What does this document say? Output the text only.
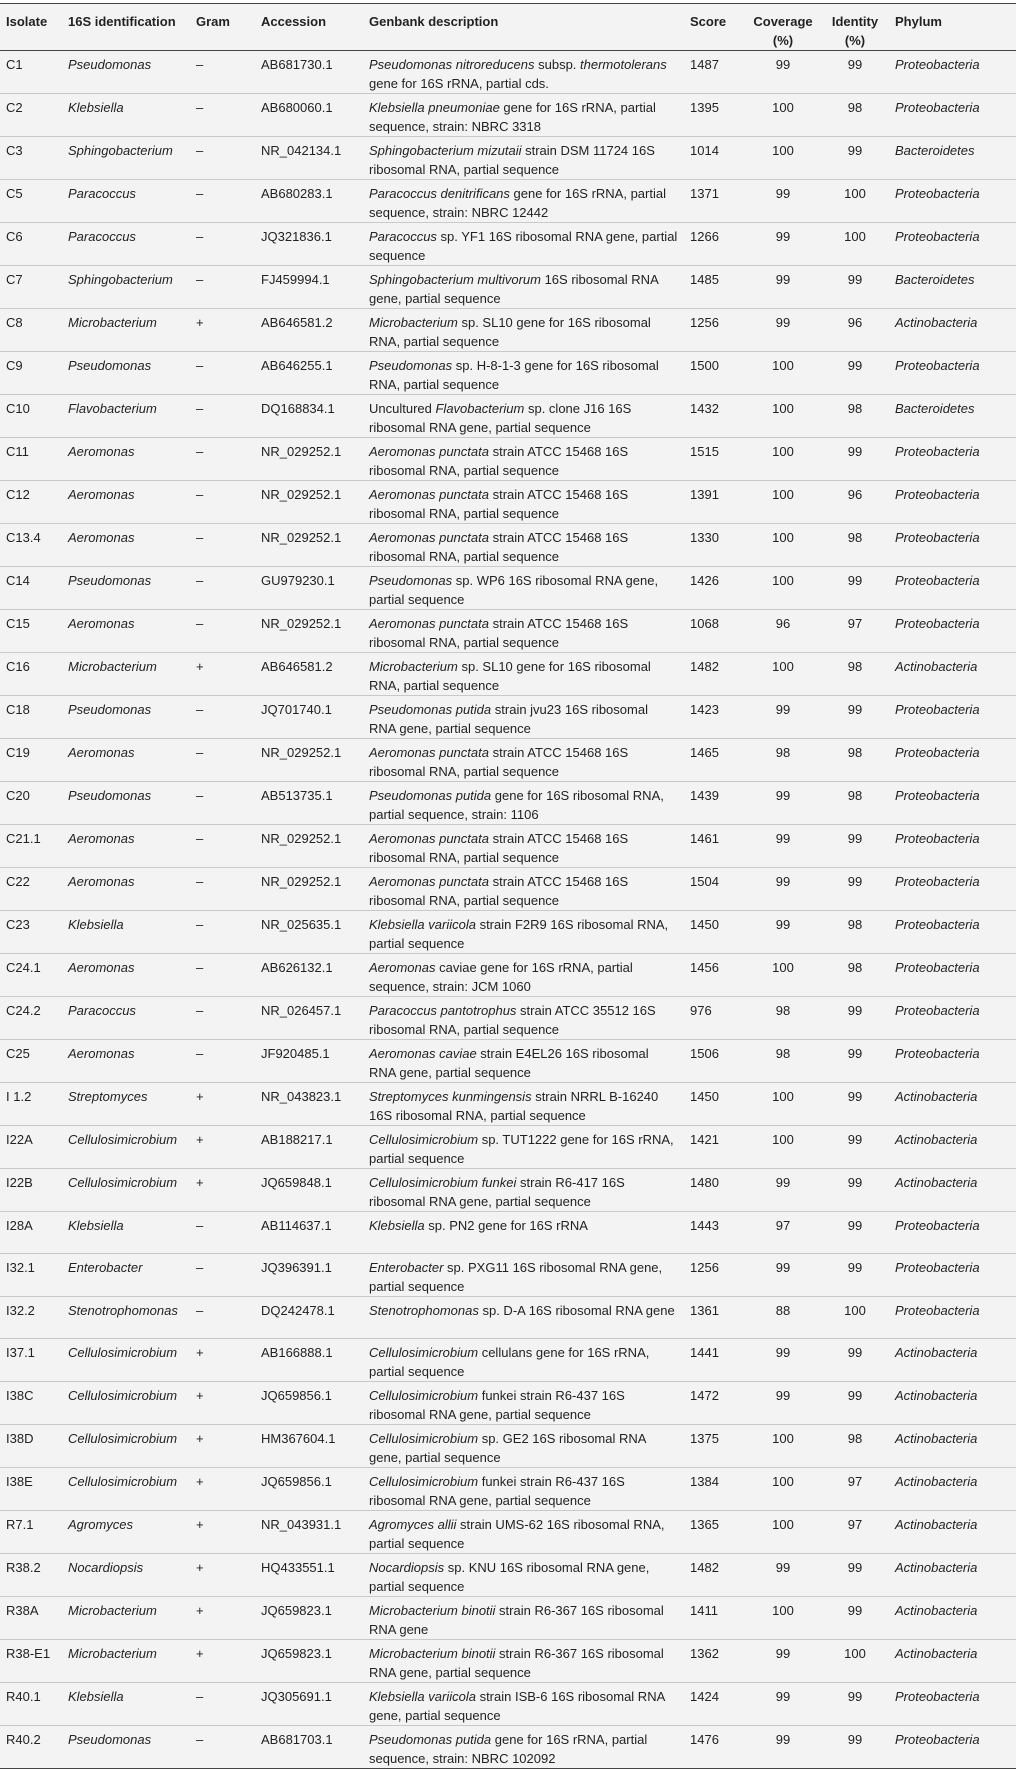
Isolate	16S identification	Gram	Accession	Genbank description	Score	Coverage (%)	Identity (%)	Phylum
C1	Pseudomonas	–	AB681730.1	Pseudomonas nitroreducens subsp. thermotolerans gene for 16S rRNA, partial cds.	1487	99	99	Proteobacteria
C2	Klebsiella	–	AB680060.1	Klebsiella pneumoniae gene for 16S rRNA, partial sequence, strain: NBRC 3318	1395	100	98	Proteobacteria
C3	Sphingobacterium	–	NR_042134.1	Sphingobacterium mizutaii strain DSM 11724 16S ribosomal RNA, partial sequence	1014	100	99	Bacteroidetes
C5	Paracoccus	–	AB680283.1	Paracoccus denitrificans gene for 16S rRNA, partial sequence, strain: NBRC 12442	1371	99	100	Proteobacteria
C6	Paracoccus	–	JQ321836.1	Paracoccus sp. YF1 16S ribosomal RNA gene, partial sequence	1266	99	100	Proteobacteria
C7	Sphingobacterium	–	FJ459994.1	Sphingobacterium multivorum 16S ribosomal RNA gene, partial sequence	1485	99	99	Bacteroidetes
C8	Microbacterium	+	AB646581.2	Microbacterium sp. SL10 gene for 16S ribosomal RNA, partial sequence	1256	99	96	Actinobacteria
C9	Pseudomonas	–	AB646255.1	Pseudomonas sp. H-8-1-3 gene for 16S ribosomal RNA, partial sequence	1500	100	99	Proteobacteria
C10	Flavobacterium	–	DQ168834.1	Uncultured Flavobacterium sp. clone J16 16S ribosomal RNA gene, partial sequence	1432	100	98	Bacteroidetes
C11	Aeromonas	–	NR_029252.1	Aeromonas punctata strain ATCC 15468 16S ribosomal RNA, partial sequence	1515	100	99	Proteobacteria
C12	Aeromonas	–	NR_029252.1	Aeromonas punctata strain ATCC 15468 16S ribosomal RNA, partial sequence	1391	100	96	Proteobacteria
C13.4	Aeromonas	–	NR_029252.1	Aeromonas punctata strain ATCC 15468 16S ribosomal RNA, partial sequence	1330	100	98	Proteobacteria
C14	Pseudomonas	–	GU979230.1	Pseudomonas sp. WP6 16S ribosomal RNA gene, partial sequence	1426	100	99	Proteobacteria
C15	Aeromonas	–	NR_029252.1	Aeromonas punctata strain ATCC 15468 16S ribosomal RNA, partial sequence	1068	96	97	Proteobacteria
C16	Microbacterium	+	AB646581.2	Microbacterium sp. SL10 gene for 16S ribosomal RNA, partial sequence	1482	100	98	Actinobacteria
C18	Pseudomonas	–	JQ701740.1	Pseudomonas putida strain jvu23 16S ribosomal RNA gene, partial sequence	1423	99	99	Proteobacteria
C19	Aeromonas	–	NR_029252.1	Aeromonas punctata strain ATCC 15468 16S ribosomal RNA, partial sequence	1465	98	98	Proteobacteria
C20	Pseudomonas	–	AB513735.1	Pseudomonas putida gene for 16S ribosomal RNA, partial sequence, strain: 1106	1439	99	98	Proteobacteria
C21.1	Aeromonas	–	NR_029252.1	Aeromonas punctata strain ATCC 15468 16S ribosomal RNA, partial sequence	1461	99	99	Proteobacteria
C22	Aeromonas	–	NR_029252.1	Aeromonas punctata strain ATCC 15468 16S ribosomal RNA, partial sequence	1504	99	99	Proteobacteria
C23	Klebsiella	–	NR_025635.1	Klebsiella variicola strain F2R9 16S ribosomal RNA, partial sequence	1450	99	98	Proteobacteria
C24.1	Aeromonas	–	AB626132.1	Aeromonas caviae gene for 16S rRNA, partial sequence, strain: JCM 1060	1456	100	98	Proteobacteria
C24.2	Paracoccus	–	NR_026457.1	Paracoccus pantotrophus strain ATCC 35512 16S ribosomal RNA, partial sequence	976	98	99	Proteobacteria
C25	Aeromonas	–	JF920485.1	Aeromonas caviae strain E4EL26 16S ribosomal RNA gene, partial sequence	1506	98	99	Proteobacteria
I 1.2	Streptomyces	+	NR_043823.1	Streptomyces kunmingensis strain NRRL B-16240 16S ribosomal RNA, partial sequence	1450	100	99	Actinobacteria
I22A	Cellulosimicrobium	+	AB188217.1	Cellulosimicrobium sp. TUT1222 gene for 16S rRNA, partial sequence	1421	100	99	Actinobacteria
I22B	Cellulosimicrobium	+	JQ659848.1	Cellulosimicrobium funkei strain R6-417 16S ribosomal RNA gene, partial sequence	1480	99	99	Actinobacteria
I28A	Klebsiella	–	AB114637.1	Klebsiella sp. PN2 gene for 16S rRNA	1443	97	99	Proteobacteria
I32.1	Enterobacter	–	JQ396391.1	Enterobacter sp. PXG11 16S ribosomal RNA gene, partial sequence	1256	99	99	Proteobacteria
I32.2	Stenotrophomonas	–	DQ242478.1	Stenotrophomonas sp. D-A 16S ribosomal RNA gene	1361	88	100	Proteobacteria
I37.1	Cellulosimicrobium	+	AB166888.1	Cellulosimicrobium cellulans gene for 16S rRNA, partial sequence	1441	99	99	Actinobacteria
I38C	Cellulosimicrobium	+	JQ659856.1	Cellulosimicrobium funkei strain R6-437 16S ribosomal RNA gene, partial sequence	1472	99	99	Actinobacteria
I38D	Cellulosimicrobium	+	HM367604.1	Cellulosimicrobium sp. GE2 16S ribosomal RNA gene, partial sequence	1375	100	98	Actinobacteria
I38E	Cellulosimicrobium	+	JQ659856.1	Cellulosimicrobium funkei strain R6-437 16S ribosomal RNA gene, partial sequence	1384	100	97	Actinobacteria
R7.1	Agromyces	+	NR_043931.1	Agromyces allii strain UMS-62 16S ribosomal RNA, partial sequence	1365	100	97	Actinobacteria
R38.2	Nocardiopsis	+	HQ433551.1	Nocardiopsis sp. KNU 16S ribosomal RNA gene, partial sequence	1482	99	99	Actinobacteria
R38A	Microbacterium	+	JQ659823.1	Microbacterium binotii strain R6-367 16S ribosomal RNA gene	1411	100	99	Actinobacteria
R38-E1	Microbacterium	+	JQ659823.1	Microbacterium binotii strain R6-367 16S ribosomal RNA gene, partial sequence	1362	99	100	Actinobacteria
R40.1	Klebsiella	–	JQ305691.1	Klebsiella variicola strain ISB-6 16S ribosomal RNA gene, partial sequence	1424	99	99	Proteobacteria
R40.2	Pseudomonas	–	AB681703.1	Pseudomonas putida gene for 16S rRNA, partial sequence, strain: NBRC 102092	1476	99	99	Proteobacteria
